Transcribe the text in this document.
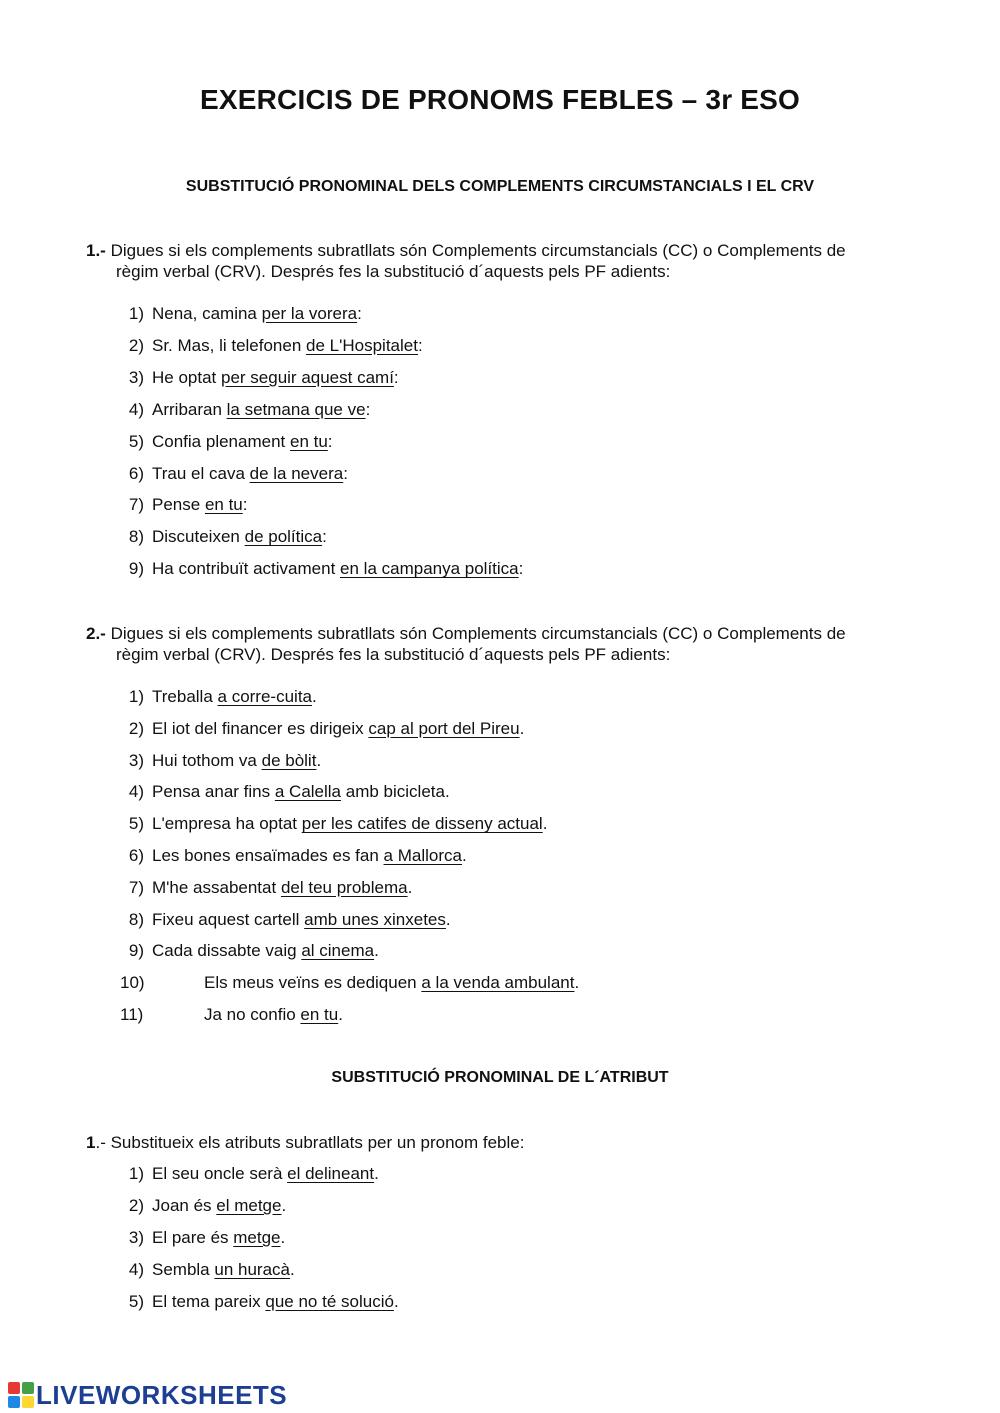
EXERCICIS DE PRONOMS FEBLES – 3r ESO
SUBSTITUCIÓ PRONOMINAL DELS COMPLEMENTS CIRCUMSTANCIALS I EL CRV
1.- Digues si els complements subratllats són Complements circumstancials (CC) o Complements de
règim verbal (CRV). Després fes la substitució d´aquests pels PF adients:
1) Nena, camina per la vorera:
2) Sr. Mas, li telefonen de L'Hospitalet:
3) He optat per seguir aquest camí:
4) Arribaran la setmana que ve:
5) Confia plenament en tu:
6) Trau el cava de la nevera:
7) Pense en tu:
8) Discuteixen de política:
9) Ha contribuït activament en la campanya política:
2.- Digues si els complements subratllats són Complements circumstancials (CC) o Complements de
règim verbal (CRV). Després fes la substitució d´aquests pels PF adients:
1) Treballa a corre-cuita.
2) El iot del financer es dirigeix cap al port del Pireu.
3) Hui tothom va de bòlit.
4) Pensa anar fins a Calella amb bicicleta.
5) L'empresa ha optat per les catifes de disseny actual.
6) Les bones ensaïmades es fan a Mallorca.
7) M'he assabentat del teu problema.
8) Fixeu aquest cartell amb unes xinxetes.
9) Cada dissabte vaig al cinema.
10)	Els meus veïns es dediquen a la venda ambulant.
11)	Ja no confio en tu.
SUBSTITUCIÓ PRONOMINAL DE L´ATRIBUT
1.- Substitueix els atributs subratllats per un pronom feble:
1) El seu oncle serà el delineant.
2) Joan és el metge.
3) El pare és metge.
4) Sembla un huracà.
5) El tema pareix que no té solució.
LIVEWORKSHEETS
